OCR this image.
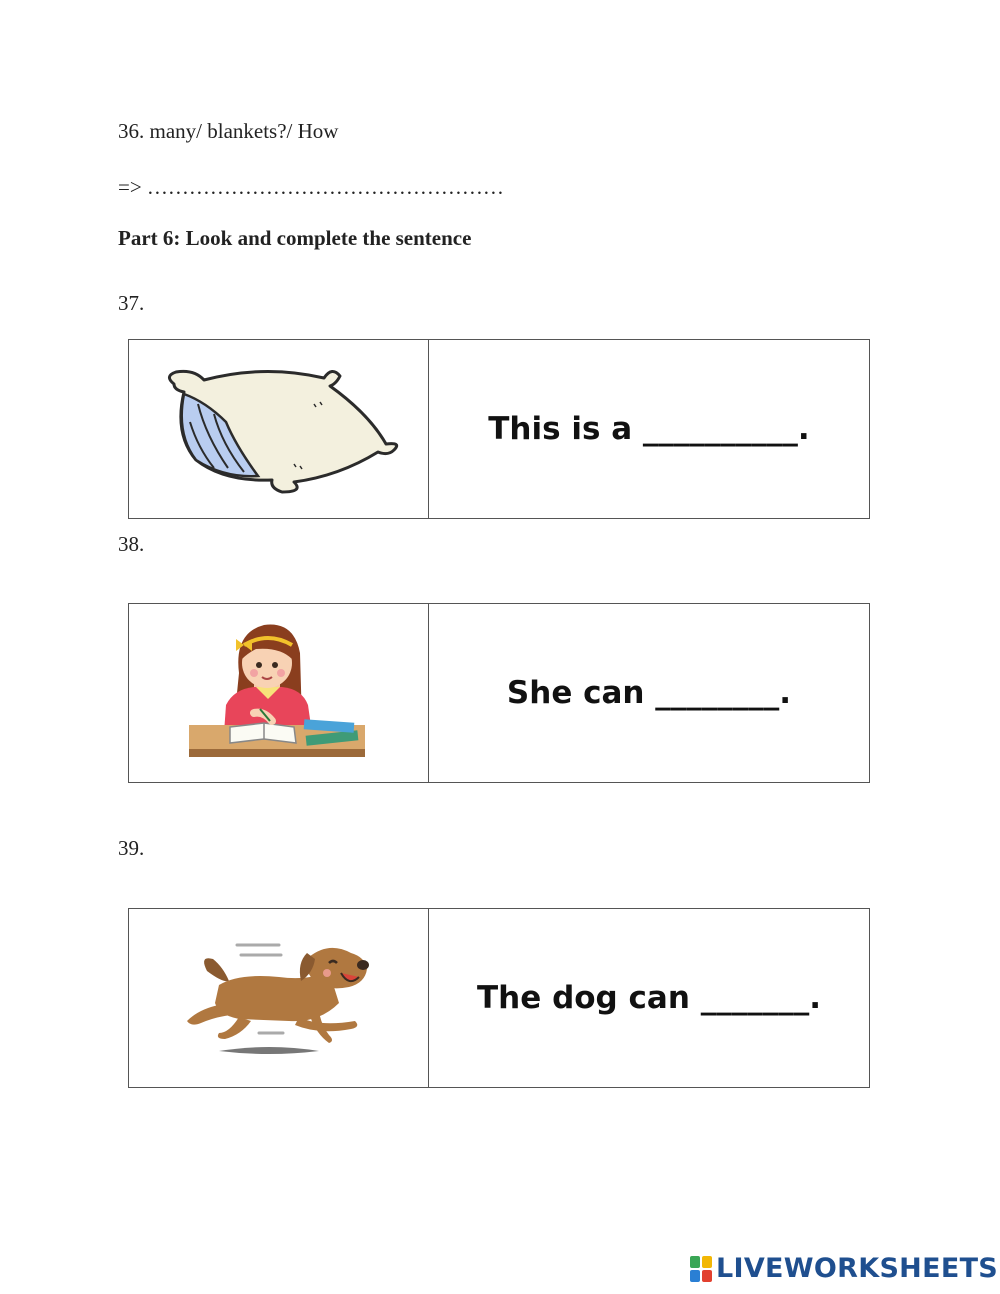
36. many/ blankets?/ How
=> ……………………………………………
Part 6: Look and complete the sentence
37.
This is a __________.
38.
She can ________.
39.
The dog can _______.
LIVEWORKSHEETS
